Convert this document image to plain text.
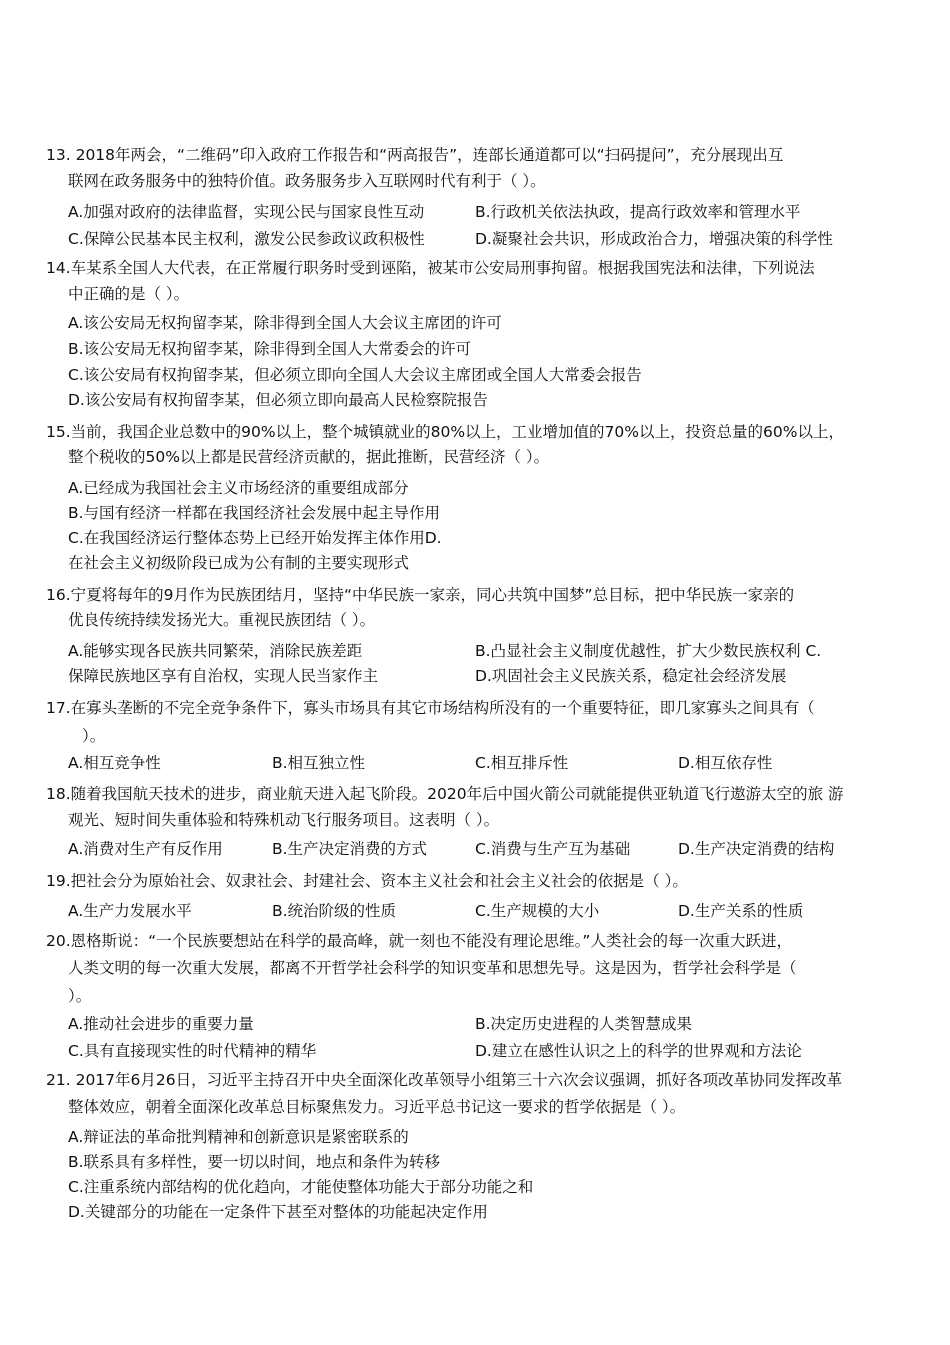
13. 2018年两会，“二维码”印入政府工作报告和“两高报告”，连部长通道都可以“扫码提问”，充分展现出互
联网在政务服务中的独特价值。政务服务步入互联网时代有利于（ ）。
A.加强对政府的法律监督，实现公民与国家良性互动	B.行政机关依法执政，提高行政效率和管理水平
C.保障公民基本民主权利，激发公民参政议政积极性	D.凝聚社会共识，形成政治合力，增强决策的科学性
14.车某系全国人大代表，在正常履行职务时受到诬陷，被某市公安局刑事拘留。根据我国宪法和法律，下列说法
中正确的是（ ）。
A.该公安局无权拘留李某，除非得到全国人大会议主席团的许可
B.该公安局无权拘留李某，除非得到全国人大常委会的许可
C.该公安局有权拘留李某，但必须立即向全国人大会议主席团或全国人大常委会报告
D.该公安局有权拘留李某，但必须立即向最高人民检察院报告
15.当前，我国企业总数中的90%以上，整个城镇就业的80%以上，工业增加值的70%以上，投资总量的60%以上，
整个税收的50%以上都是民营经济贡献的，据此推断，民营经济（ ）。
A.已经成为我国社会主义市场经济的重要组成部分
B.与国有经济一样都在我国经济社会发展中起主导作用
C.在我国经济运行整体态势上已经开始发挥主体作用D.
在社会主义初级阶段已成为公有制的主要实现形式
16.宁夏将每年的9月作为民族团结月，坚持“中华民族一家亲，同心共筑中国梦”总目标，把中华民族一家亲的
优良传统持续发扬光大。重视民族团结（ ）。
A.能够实现各民族共同繁荣，消除民族差距	B.凸显社会主义制度优越性，扩大少数民族权利 C.
保障民族地区享有自治权，实现人民当家作主	D.巩固社会主义民族关系，稳定社会经济发展
17.在寡头垄断的不完全竞争条件下，寡头市场具有其它市场结构所没有的一个重要特征，即几家寡头之间具有（
）。
A.相互竞争性	B.相互独立性	C.相互排斥性	D.相互依存性
18.随着我国航天技术的进步，商业航天进入起飞阶段。2020年后中国火箭公司就能提供亚轨道飞行遨游太空的旅 游
观光、短时间失重体验和特殊机动飞行服务项目。这表明（ ）。
A.消费对生产有反作用	B.生产决定消费的方式	C.消费与生产互为基础	D.生产决定消费的结构
19.把社会分为原始社会、奴隶社会、封建社会、资本主义社会和社会主义社会的依据是（ ）。
A.生产力发展水平	B.统治阶级的性质	C.生产规模的大小	D.生产关系的性质
20.恩格斯说：“一个民族要想站在科学的最高峰，就一刻也不能没有理论思维。”人类社会的每一次重大跃进，
人类文明的每一次重大发展，都离不开哲学社会科学的知识变革和思想先导。这是因为，哲学社会科学是（
）。
A.推动社会进步的重要力量	B.决定历史进程的人类智慧成果
C.具有直接现实性的时代精神的精华	D.建立在感性认识之上的科学的世界观和方法论
21. 2017年6月26日，习近平主持召开中央全面深化改革领导小组第三十六次会议强调，抓好各项改革协同发挥改革
整体效应，朝着全面深化改革总目标聚焦发力。习近平总书记这一要求的哲学依据是（ ）。
A.辩证法的革命批判精神和创新意识是紧密联系的
B.联系具有多样性，要一切以时间，地点和条件为转移
C.注重系统内部结构的优化趋向，才能使整体功能大于部分功能之和
D.关键部分的功能在一定条件下甚至对整体的功能起决定作用
